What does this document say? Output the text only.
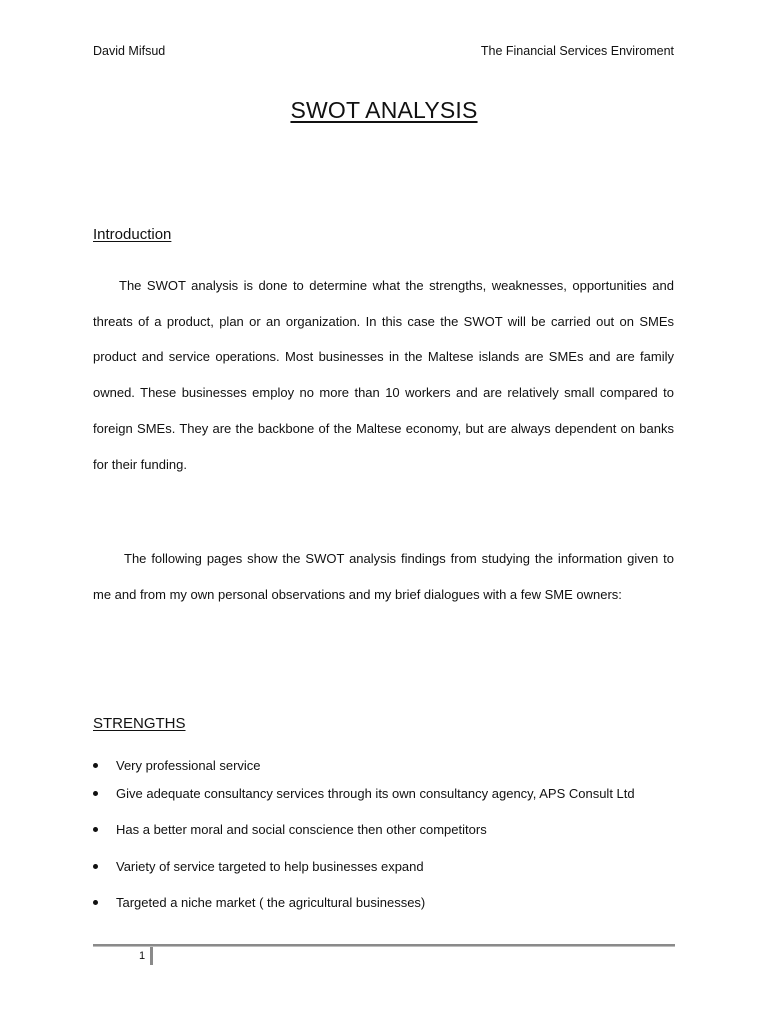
David Mifsud	The Financial Services Enviroment
SWOT ANALYSIS
Introduction

The SWOT analysis is done to determine what the strengths, weaknesses, opportunities and threats of a product, plan or an organization. In this case the SWOT will be carried out on SMEs product and service operations. Most businesses in the Maltese islands are SMEs and are family owned. These businesses employ no more than 10 workers and are relatively small compared to foreign SMEs. They are the backbone of the Maltese economy, but are always dependent on banks for their funding.

The following pages show the SWOT analysis findings from studying the information given to me and from my own personal observations and my brief dialogues with a few SME owners:

STRENGTHS
Very professional service
Give adequate consultancy services through its own consultancy agency, APS Consult Ltd
Has a better moral and social conscience then other competitors
Variety of service targeted to help businesses expand
Targeted a niche market ( the agricultural businesses)
1
